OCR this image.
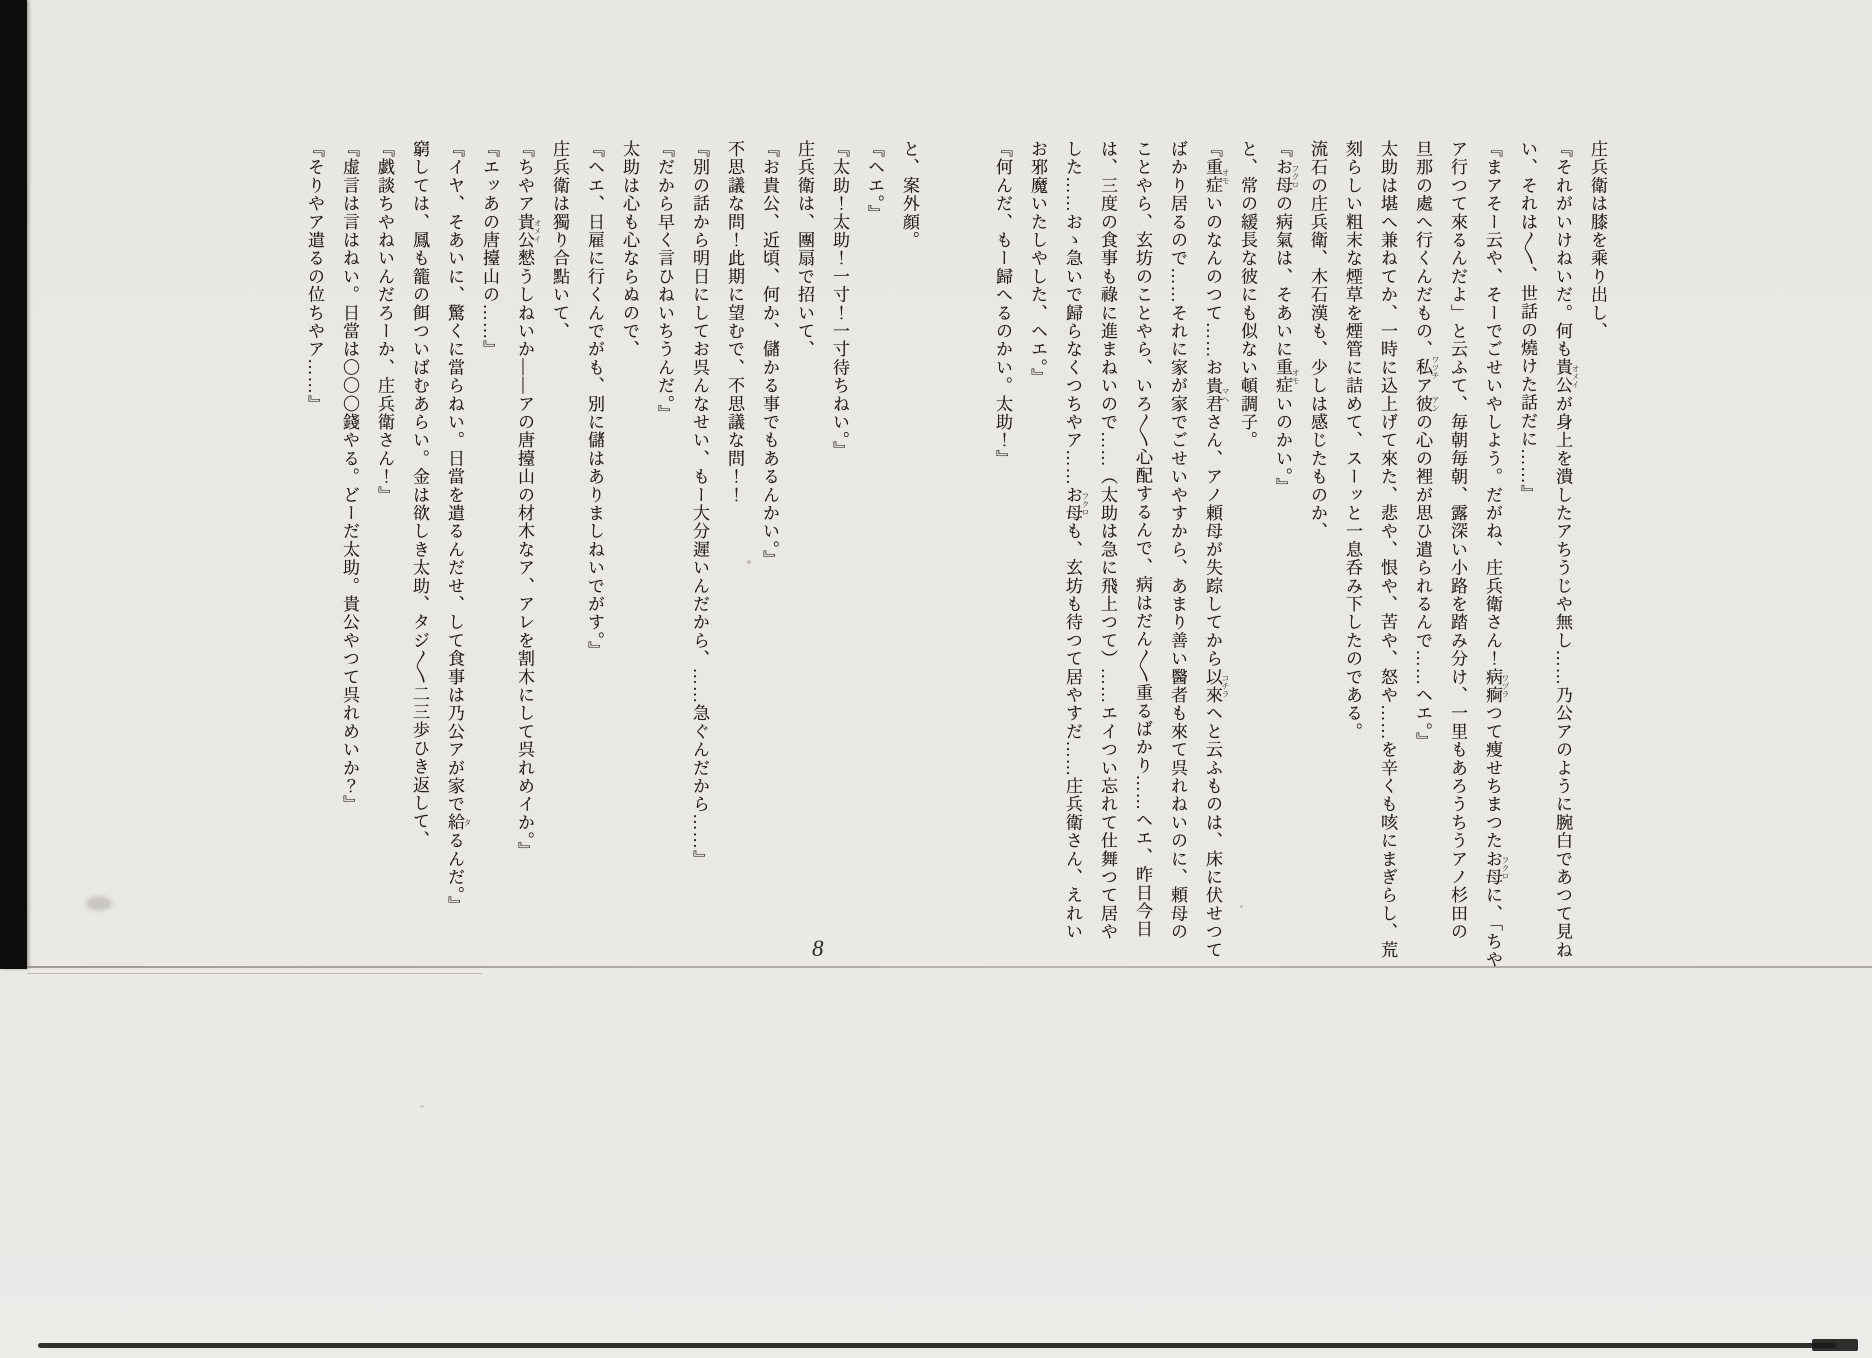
庄兵衛は膝を乘り出し、
『それがいけねいだ。何も貴公 オメイが身上を潰したアちうじや無し……乃公アのように腕白であつて見ね
い、それは〳〵、世話の燒けた話だに……』
『まアそー云や、そーでごせいやしよう。だがね、庄兵衛さん！病痾 ワヅラつて痩せちまつたお母 フクロに、「ちや
ア行つて來るんだよ」と云ふて、毎朝毎朝、露深い小路を踏み分け、一里もあろうちうアノ杉田の
旦那の處へ行くんだもの、私 ワツチア彼 アンの心の裡が思ひ遣られるんで……ヘエ。』
太助は堪へ兼ねてか、一時に込上げて來た、悲や、恨や、苦や、怒や……を辛くも咳にまぎらし、荒
刻らしい粗末な煙草を煙管に詰めて、スーッと一息呑み下したのである。
流石の庄兵衛、木石漢も、少しは感じたものか、
『お母 フクロの病氣は、そあいに重症 オモいのかい。』
と、常の緩長な彼にも似ない頓調子。
『重症 オモいのなんのつて……お貴君 マヘさん、アノ頼母が失踪してから以來 コチラヘと云ふものは、床に伏せつて
ばかり居るので……それに家が家でごせいやすから、あまり善い醫者も來て呉れねいのに、頼母の
ことやら、玄坊のことやら、いろ〳〵心配するんで、病はだん〳〵重るばかり……ヘエ、昨日今日
は、三度の食事も祿に進まねいので……（太助は急に飛上つて）……エイつい忘れて仕舞つて居や
した……おゝ急いで歸らなくつちやア……お母 フクロも、玄坊も待つて居やすだ……庄兵衛さん、えれい
お邪魔いたしやした、ヘエ。』
『何んだ、もー歸へるのかい。太助！』
と、案外顔。
『ヘエ。』
『太助！太助！一寸！一寸待ちねい。』
庄兵衛は、團扇で招いて、
『お貴公、近頃、何か、儲かる事でもあるんかい。』
不思議な問！此期に望むで、不思議な問！！
『別の話から明日にしてお呉んなせい、もー大分遲いんだから、……急ぐんだから……』
『だから早く言ひねいちうんだ。』
太助は心も心ならぬので、
『ヘエ、日雇に行くんでがも、別に儲はありましねいでがす。』
庄兵衛は獨り合點いて、
『ちやア貴公 オメイ憖うしねいか——アの唐擡山の材木なア、アレを割木にして呉れめイか。』
『エッあの唐擡山の……』
『イヤ、そあいに、驚くに當らねい。日當を遣るんだせ、して食事は乃公アが家で給 タるんだ。』
窮しては、鳳も籠の餌ついばむあらい。金は欲しき太助、タジ〳〵二三歩ひき返して、
『戯談ちやねいんだろーか、庄兵衛さん！』
『虚言は言はねい。日當は〇〇〇錢やる。どーだ太助。貴公やつて呉れめいか？』
『そりやア遣るの位ちやア……』
8
